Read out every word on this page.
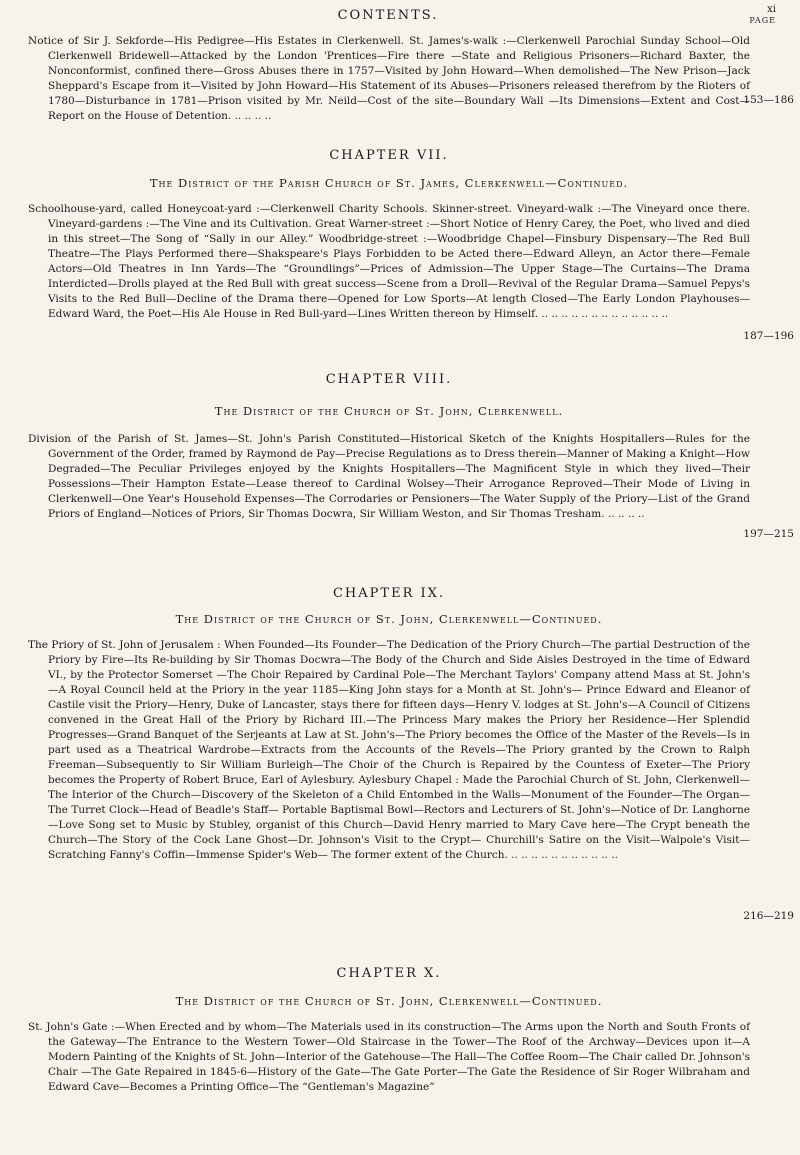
CONTENTS.	xi
PAGE
Notice of Sir J. Sekforde—His Pedigree—His Estates in Clerkenwell. St. James's-walk :—Clerkenwell Parochial Sunday School—Old Clerkenwell Bridewell—Attacked by the London 'Prentices—Fire there —State and Religious Prisoners—Richard Baxter, the Nonconformist, confined there—Gross Abuses there in 1757—Visited by John Howard—When demolished—The New Prison—Jack Sheppard's Escape from it—Visited by John Howard—His Statement of its Abuses—Prisoners released therefrom by the Rioters of 1780—Disturbance in 1781—Prison visited by Mr. Neild—Cost of the site—Boundary Wall —Its Dimensions—Extent and Cost—Report on the House of Detention. .. .. .. ..
153—186
CHAPTER VII.
The District of the Parish Church of St. James, Clerkenwell—Continued.
Schoolhouse-yard, called Honeycoat-yard :—Clerkenwell Charity Schools. Skinner-street. Vineyard-walk :—The Vineyard once there. Vineyard-gardens :—The Vine and its Cultivation. Great Warner-street :—Short Notice of Henry Carey, the Poet, who lived and died in this street—The Song of “Sally in our Alley.” Woodbridge-street :—Woodbridge Chapel—Finsbury Dispensary—The Red Bull Theatre—The Plays Performed there—Shakspeare's Plays Forbidden to be Acted there—Edward Alleyn, an Actor there—Female Actors—Old Theatres in Inn Yards—The “Groundlings”—Prices of Admission—The Upper Stage—The Curtains—The Drama Interdicted—Drolls played at the Red Bull with great success—Scene from a Droll—Revival of the Regular Drama—Samuel Pepys's Visits to the Red Bull—Decline of the Drama there—Opened for Low Sports—At length Closed—The Early London Playhouses—Edward Ward, the Poet—His Ale House in Red Bull-yard—Lines Written thereon by Himself. .. .. .. .. .. .. .. .. .. .. .. .. ..
187—196
CHAPTER VIII.
The District of the Church of St. John, Clerkenwell.
Division of the Parish of St. James—St. John's Parish Constituted—Historical Sketch of the Knights Hospitallers—Rules for the Government of the Order, framed by Raymond de Pay—Precise Regulations as to Dress therein—Manner of Making a Knight—How Degraded—The Peculiar Privileges enjoyed by the Knights Hospitallers—The Magnificent Style in which they lived—Their Possessions—Their Hampton Estate—Lease thereof to Cardinal Wolsey—Their Arrogance Reproved—Their Mode of Living in Clerkenwell—One Year's Household Expenses—The Corrodaries or Pensioners—The Water Supply of the Priory—List of the Grand Priors of England—Notices of Priors, Sir Thomas Docwra, Sir William Weston, and Sir Thomas Tresham. .. .. .. ..
197—215
CHAPTER IX.
The District of the Church of St. John, Clerkenwell—Continued.
The Priory of St. John of Jerusalem : When Founded—Its Founder—The Dedication of the Priory Church—The partial Destruction of the Priory by Fire—Its Re-building by Sir Thomas Docwra—The Body of the Church and Side Aisles Destroyed in the time of Edward VI., by the Protector Somerset —The Choir Repaired by Cardinal Pole—The Merchant Taylors' Company attend Mass at St. John's —A Royal Council held at the Priory in the year 1185—King John stays for a Month at St. John's— Prince Edward and Eleanor of Castile visit the Priory—Henry, Duke of Lancaster, stays there for fifteen days—Henry V. lodges at St. John's—A Council of Citizens convened in the Great Hall of the Priory by Richard III.—The Princess Mary makes the Priory her Residence—Her Splendid Progresses—Grand Banquet of the Serjeants at Law at St. John's—The Priory becomes the Office of the Master of the Revels—Is in part used as a Theatrical Wardrobe—Extracts from the Accounts of the Revels—The Priory granted by the Crown to Ralph Freeman—Subsequently to Sir William Burleigh—The Choir of the Church is Repaired by the Countess of Exeter—The Priory becomes the Property of Robert Bruce, Earl of Aylesbury. Aylesbury Chapel : Made the Parochial Church of St. John, Clerkenwell—The Interior of the Church—Discovery of the Skeleton of a Child Entombed in the Walls—Monument of the Founder—The Organ—The Turret Clock—Head of Beadle's Staff— Portable Baptismal Bowl—Rectors and Lecturers of St. John's—Notice of Dr. Langhorne—Love Song set to Music by Stubley, organist of this Church—David Henry married to Mary Cave here—The Crypt beneath the Church—The Story of the Cock Lane Ghost—Dr. Johnson's Visit to the Crypt— Churchill's Satire on the Visit—Walpole's Visit—Scratching Fanny's Coffin—Immense Spider's Web— The former extent of the Church. .. .. .. .. .. .. .. .. .. .. ..
216—219
CHAPTER X.
The District of the Church of St. John, Clerkenwell—Continued.
St. John's Gate :—When Erected and by whom—The Materials used in its construction—The Arms upon the North and South Fronts of the Gateway—The Entrance to the Western Tower—Old Staircase in the Tower—The Roof of the Archway—Devices upon it—A Modern Painting of the Knights of St. John—Interior of the Gatehouse—The Hall—The Coffee Room—The Chair called Dr. Johnson's Chair —The Gate Repaired in 1845-6—History of the Gate—The Gate Porter—The Gate the Residence of Sir Roger Wilbraham and Edward Cave—Becomes a Printing Office—The “Gentleman's Magazine”
